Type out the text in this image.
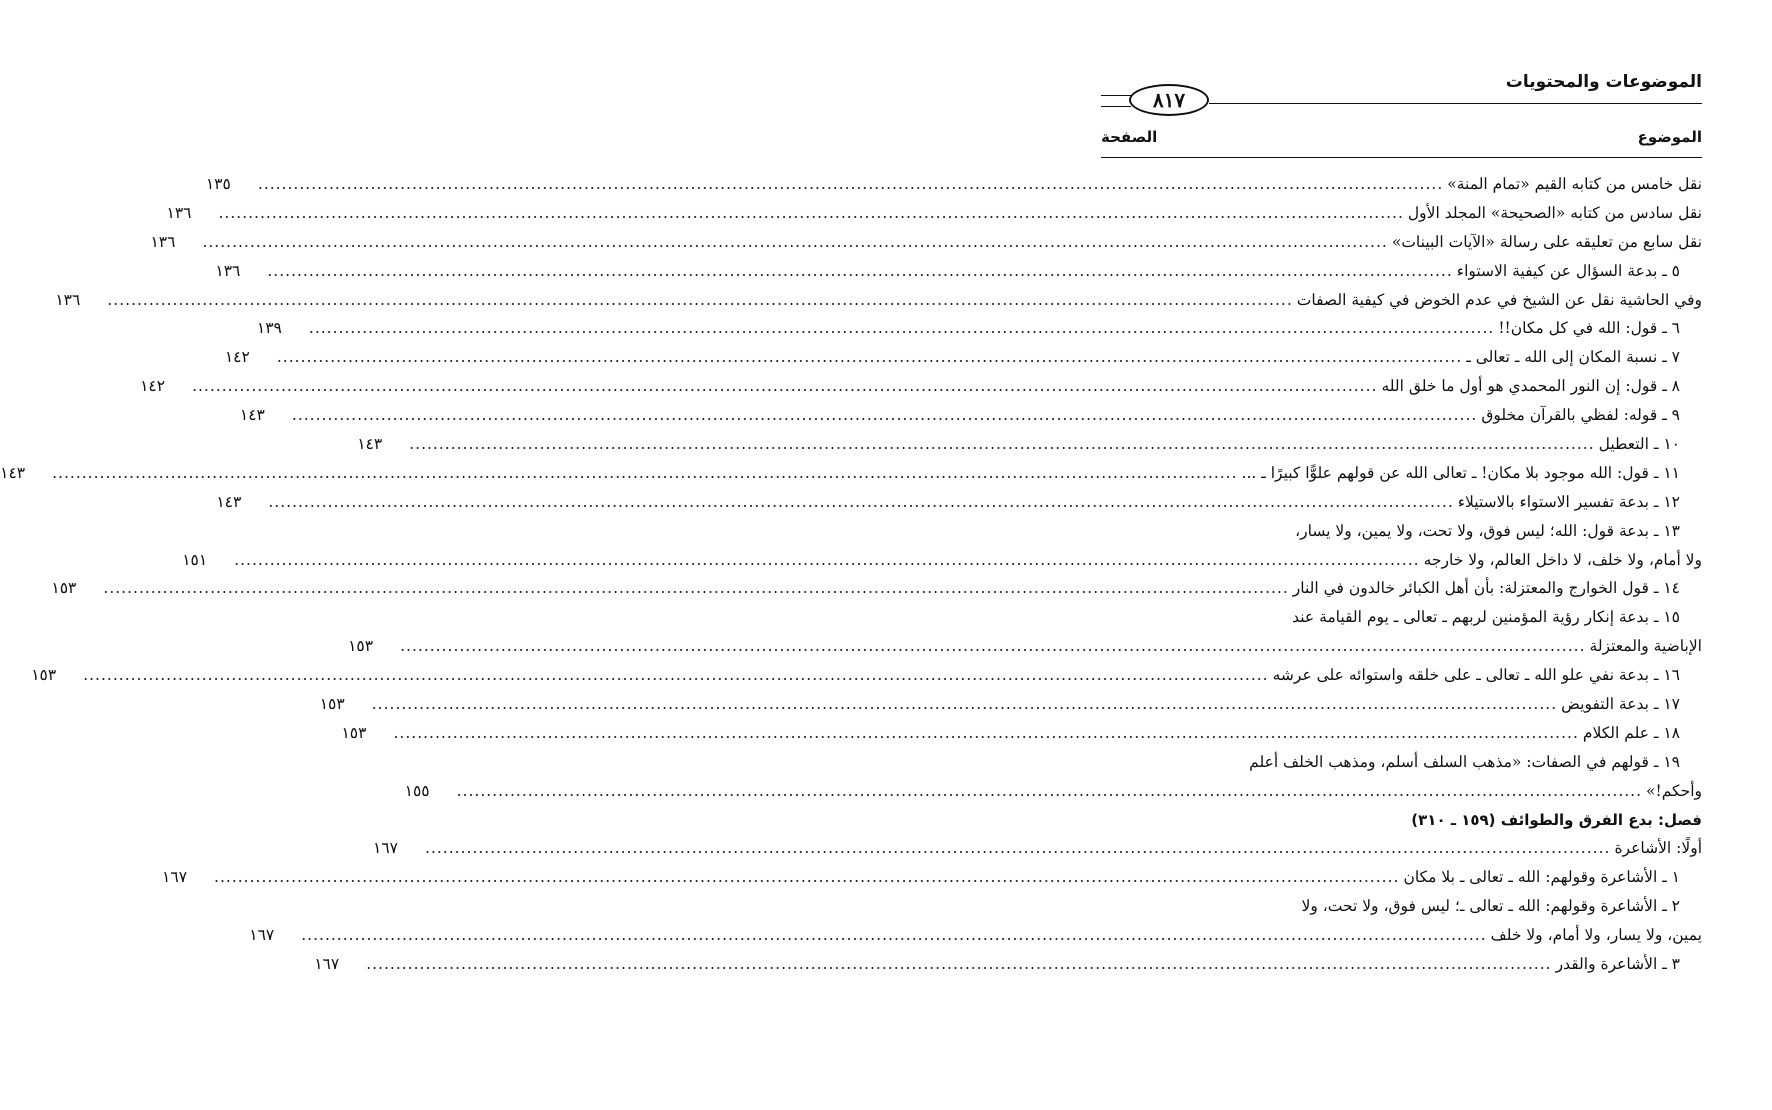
الموضوعات والمحتويات
٨١٧
الموضوع
الصفحة
نقل خامس من كتابه القيم «تمام المنة»
........................................................................................................................................................................................................
١٣٥
نقل سادس من كتابه «الصحيحة» المجلد الأول
........................................................................................................................................................................................................
١٣٦
نقل سابع من تعليقه على رسالة «الآيات البينات»
........................................................................................................................................................................................................
١٣٦
٥ ـ بدعة السؤال عن كيفية الاستواء
........................................................................................................................................................................................................
١٣٦
وفي الحاشية نقل عن الشيخ في عدم الخوض في كيفية الصفات
........................................................................................................................................................................................................
١٣٦
٦ ـ قول: الله في كل مكان!!
........................................................................................................................................................................................................
١٣٩
٧ ـ نسبة المكان إلى الله ـ تعالى ـ
........................................................................................................................................................................................................
١٤٢
٨ ـ قول: إن النور المحمدي هو أول ما خلق الله
........................................................................................................................................................................................................
١٤٢
٩ ـ قوله: لفظي بالقرآن مخلوق
........................................................................................................................................................................................................
١٤٣
١٠ ـ التعطيل
........................................................................................................................................................................................................
١٤٣
١١ ـ قول: الله موجود بلا مكان! ـ تعالى الله عن قولهم علوًّا كبيرًا ـ ...
........................................................................................................................................................................................................
١٤٣
١٢ ـ بدعة تفسير الاستواء بالاستيلاء
........................................................................................................................................................................................................
١٤٣
١٣ ـ بدعة قول: الله؛ ليس فوق، ولا تحت، ولا يمين، ولا يسار،
ولا أمام، ولا خلف، لا داخل العالم، ولا خارجه
........................................................................................................................................................................................................
١٥١
١٤ ـ قول الخوارج والمعتزلة: بأن أهل الكبائر خالدون في النار
........................................................................................................................................................................................................
١٥٣
١٥ ـ بدعة إنكار رؤية المؤمنين لربهم ـ تعالى ـ يوم القيامة عند
الإباضية والمعتزلة
........................................................................................................................................................................................................
١٥٣
١٦ ـ بدعة نفي علو الله ـ تعالى ـ على خلقه واستوائه على عرشه
........................................................................................................................................................................................................
١٥٣
١٧ ـ بدعة التفويض
........................................................................................................................................................................................................
١٥٣
١٨ ـ علم الكلام
........................................................................................................................................................................................................
١٥٣
١٩ ـ قولهم في الصفات: «مذهب السلف أسلم، ومذهب الخلف أعلم
وأحكم!»
........................................................................................................................................................................................................
١٥٥
فصل: بدع الفرق والطوائف (١٥٩ ـ ٣١٠)
أولًا: الأشاعرة
........................................................................................................................................................................................................
١٦٧
١ ـ الأشاعرة وقولهم: الله ـ تعالى ـ بلا مكان
........................................................................................................................................................................................................
١٦٧
٢ ـ الأشاعرة وقولهم: الله ـ تعالى ـ؛ ليس فوق، ولا تحت، ولا
يمين، ولا يسار، ولا أمام، ولا خلف
........................................................................................................................................................................................................
١٦٧
٣ ـ الأشاعرة والقدر
........................................................................................................................................................................................................
١٦٧
